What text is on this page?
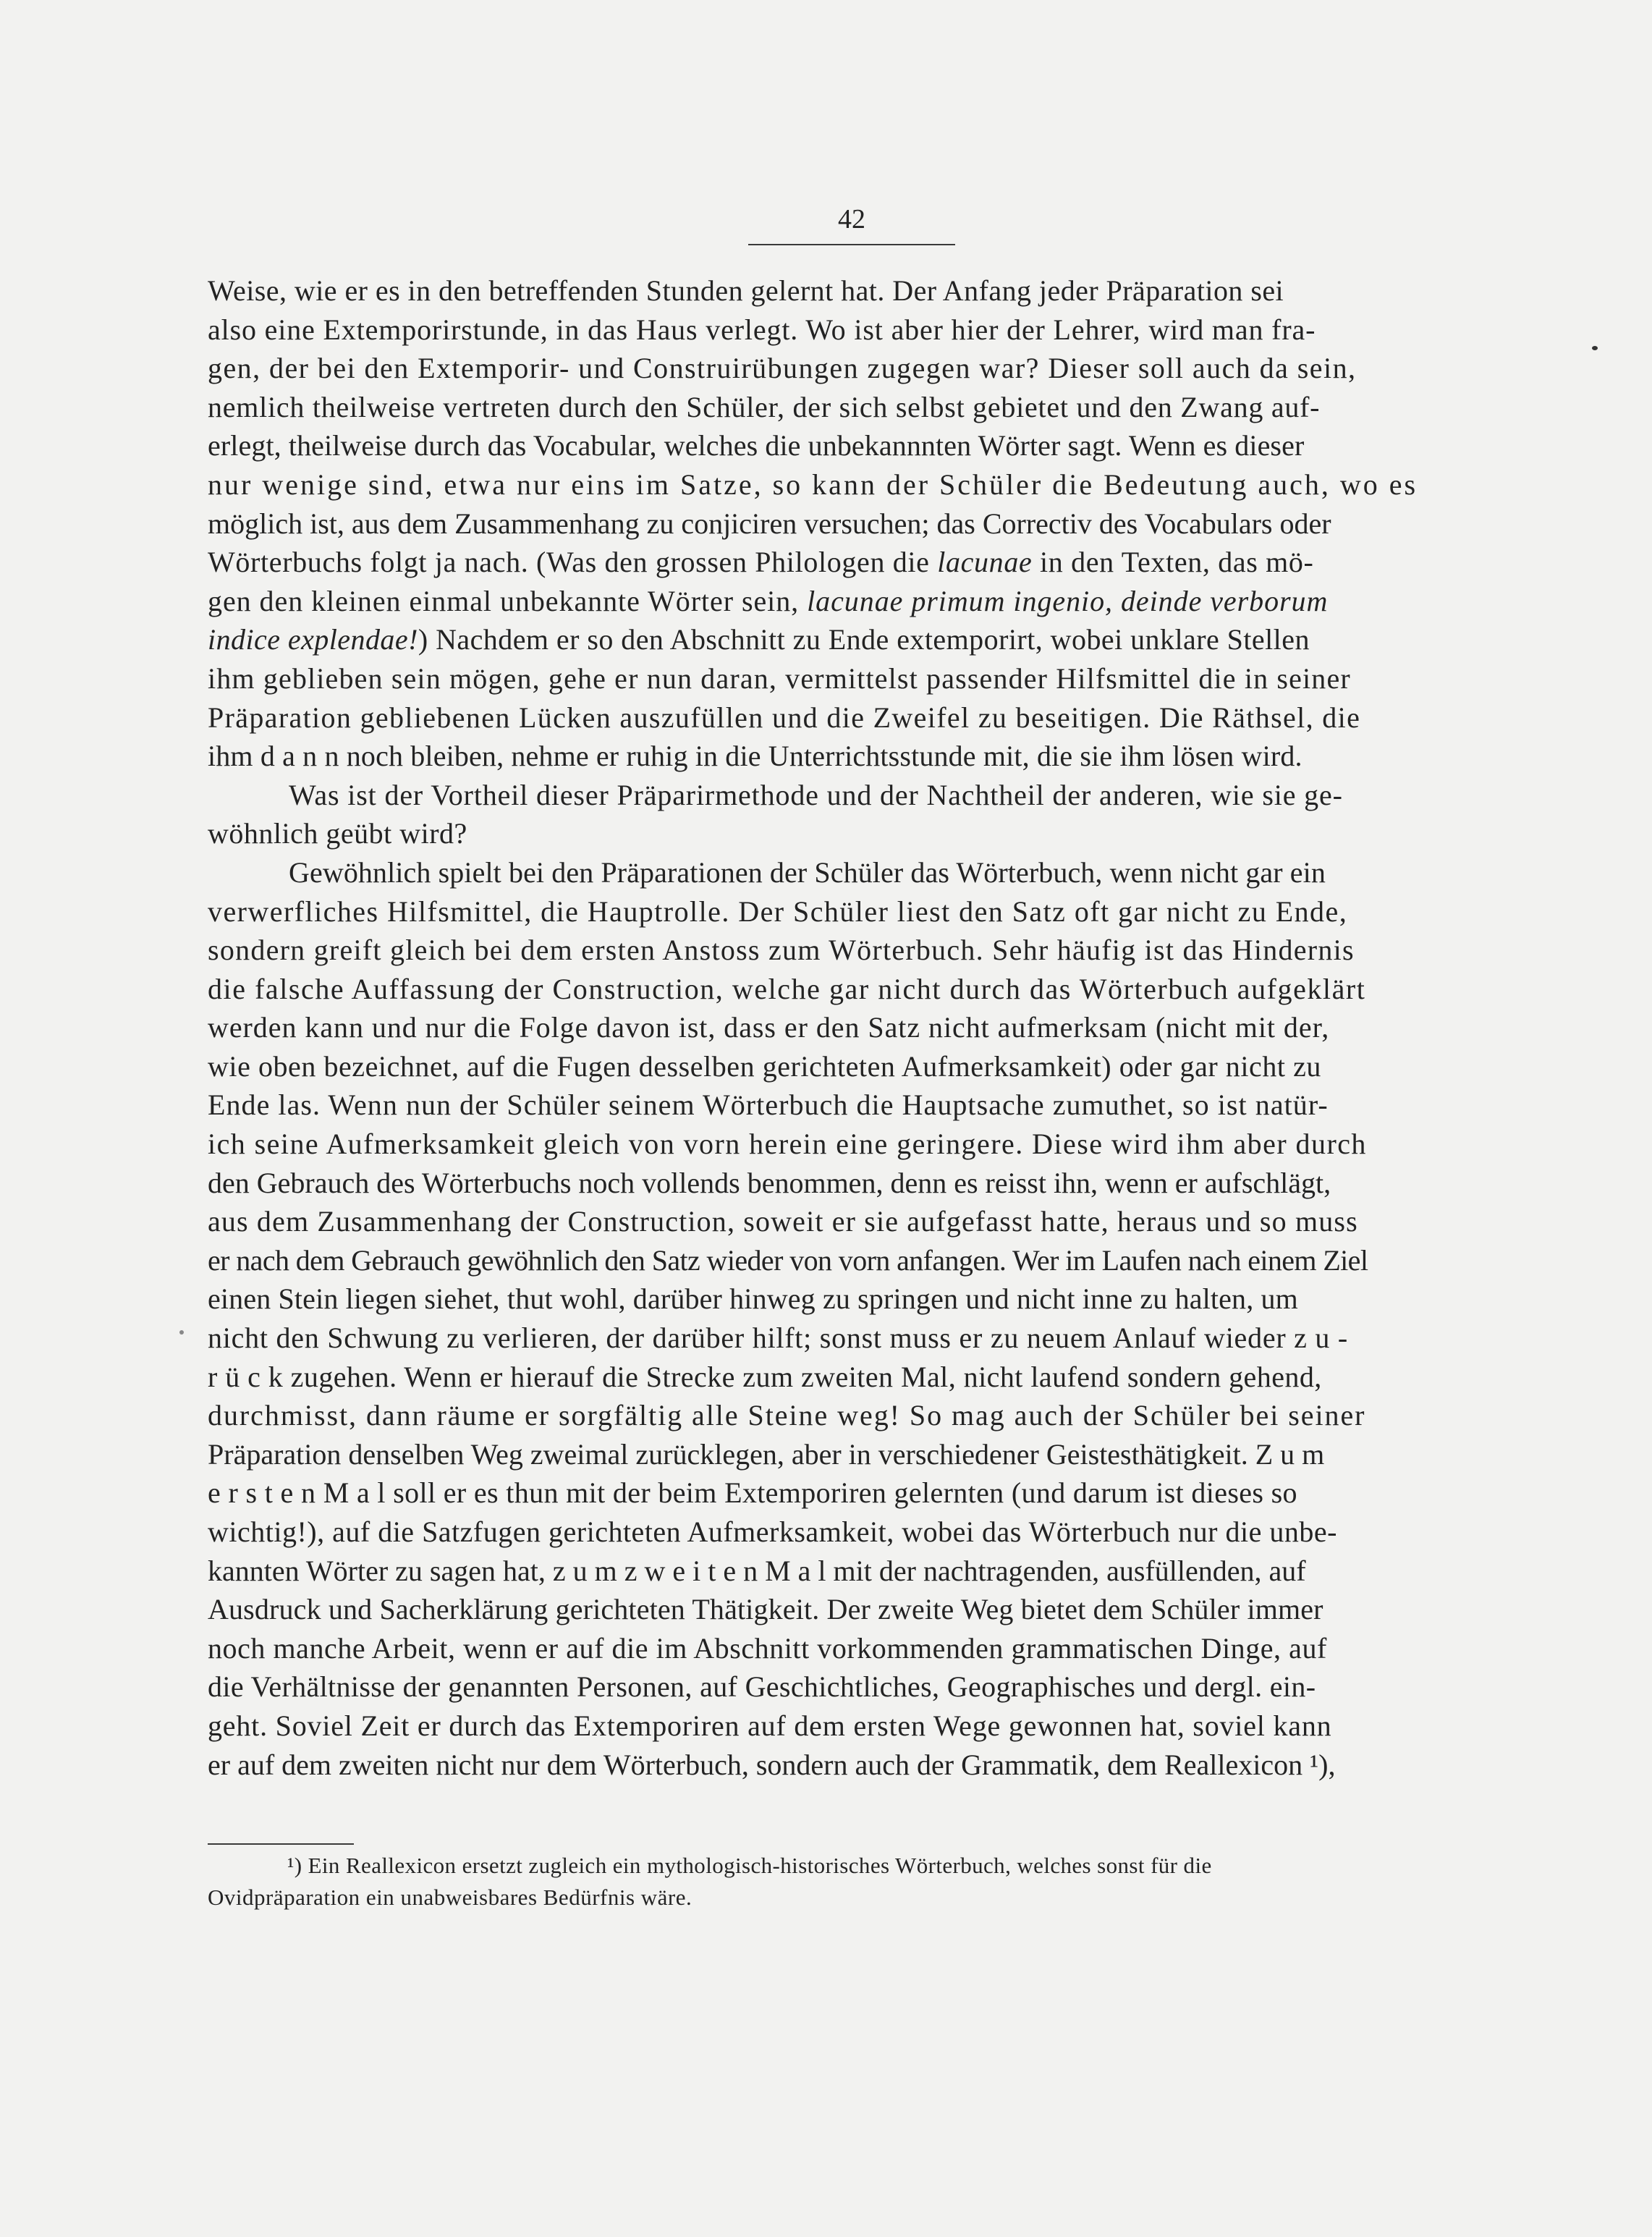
42
Weise, wie er es in den betreffenden Stunden gelernt hat. Der Anfang jeder Präparation sei
also eine Extemporirstunde, in das Haus verlegt. Wo ist aber hier der Lehrer, wird man fra-
gen, der bei den Extemporir- und Construirübungen zugegen war? Dieser soll auch da sein,
nemlich theilweise vertreten durch den Schüler, der sich selbst gebietet und den Zwang auf-
erlegt, theilweise durch das Vocabular, welches die unbekannnten Wörter sagt. Wenn es dieser
nur wenige sind, etwa nur eins im Satze, so kann der Schüler die Bedeutung auch, wo es
möglich ist, aus dem Zusammenhang zu conjiciren versuchen; das Correctiv des Vocabulars oder
Wörterbuchs folgt ja nach. (Was den grossen Philologen die lacunae in den Texten, das mö-
gen den kleinen einmal unbekannte Wörter sein, lacunae primum ingenio, deinde verborum
indice explendae!) Nachdem er so den Abschnitt zu Ende extemporirt, wobei unklare Stellen
ihm geblieben sein mögen, gehe er nun daran, vermittelst passender Hilfsmittel die in seiner
Präparation gebliebenen Lücken auszufüllen und die Zweifel zu beseitigen. Die Räthsel, die
ihm d a n n noch bleiben, nehme er ruhig in die Unterrichtsstunde mit, die sie ihm lösen wird.
Was ist der Vortheil dieser Präparirmethode und der Nachtheil der anderen, wie sie ge-
wöhnlich geübt wird?
Gewöhnlich spielt bei den Präparationen der Schüler das Wörterbuch, wenn nicht gar ein
verwerfliches Hilfsmittel, die Hauptrolle. Der Schüler liest den Satz oft gar nicht zu Ende,
sondern greift gleich bei dem ersten Anstoss zum Wörterbuch. Sehr häufig ist das Hindernis
die falsche Auffassung der Construction, welche gar nicht durch das Wörterbuch aufgeklärt
werden kann und nur die Folge davon ist, dass er den Satz nicht aufmerksam (nicht mit der,
wie oben bezeichnet, auf die Fugen desselben gerichteten Aufmerksamkeit) oder gar nicht zu
Ende las. Wenn nun der Schüler seinem Wörterbuch die Hauptsache zumuthet, so ist natür-
ich seine Aufmerksamkeit gleich von vorn herein eine geringere. Diese wird ihm aber durch
den Gebrauch des Wörterbuchs noch vollends benommen, denn es reisst ihn, wenn er aufschlägt,
aus dem Zusammenhang der Construction, soweit er sie aufgefasst hatte, heraus und so muss
er nach dem Gebrauch gewöhnlich den Satz wieder von vorn anfangen. Wer im Laufen nach einem Ziel
einen Stein liegen siehet, thut wohl, darüber hinweg zu springen und nicht inne zu halten, um
nicht den Schwung zu verlieren, der darüber hilft; sonst muss er zu neuem Anlauf wieder z u -
r ü c k zugehen. Wenn er hierauf die Strecke zum zweiten Mal, nicht laufend sondern gehend,
durchmisst, dann räume er sorgfältig alle Steine weg! So mag auch der Schüler bei seiner
Präparation denselben Weg zweimal zurücklegen, aber in verschiedener Geistesthätigkeit. Z u m
e r s t e n M a l soll er es thun mit der beim Extemporiren gelernten (und darum ist dieses so
wichtig!), auf die Satzfugen gerichteten Aufmerksamkeit, wobei das Wörterbuch nur die unbe-
kannten Wörter zu sagen hat, z u m z w e i t e n M a l mit der nachtragenden, ausfüllenden, auf
Ausdruck und Sacherklärung gerichteten Thätigkeit. Der zweite Weg bietet dem Schüler immer
noch manche Arbeit, wenn er auf die im Abschnitt vorkommenden grammatischen Dinge, auf
die Verhältnisse der genannten Personen, auf Geschichtliches, Geographisches und dergl. ein-
geht. Soviel Zeit er durch das Extemporiren auf dem ersten Wege gewonnen hat, soviel kann
er auf dem zweiten nicht nur dem Wörterbuch, sondern auch der Grammatik, dem Reallexicon ¹),
¹) Ein Reallexicon ersetzt zugleich ein mythologisch-historisches Wörterbuch, welches sonst für die
Ovidpräparation ein unabweisbares Bedürfnis wäre.
